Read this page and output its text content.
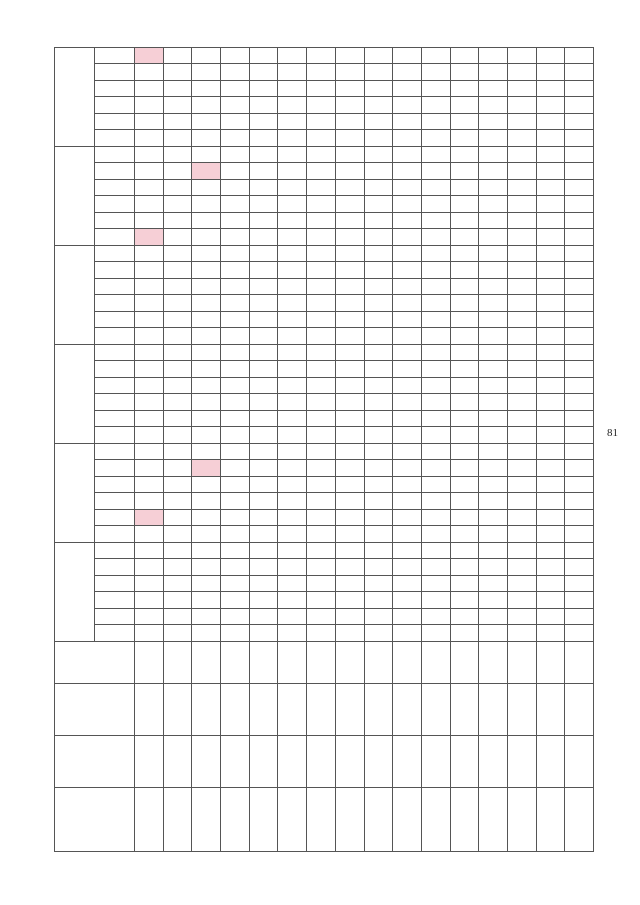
81
